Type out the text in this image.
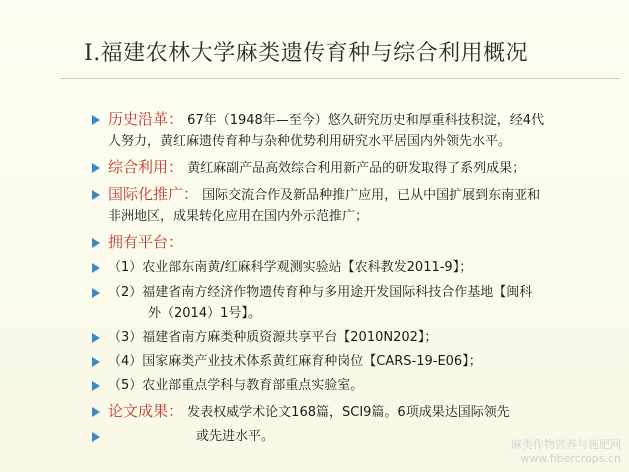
I.福建农林大学麻类遗传育种与综合利用概况
历史沿革： 67年（1948年—至今）悠久研究历史和厚重科技积淀，经4代
人努力，黄红麻遗传育种与杂种优势利用研究水平居国内外领先水平。
综合利用： 黄红麻副产品高效综合利用新产品的研发取得了系列成果；
国际化推广： 国际交流合作及新品种推广应用，已从中国扩展到东南亚和
非洲地区，成果转化应用在国内外示范推广；
拥有平台：
（1）农业部东南黄/红麻科学观测实验站【农科教发2011-9】；
（2）福建省南方经济作物遗传育种与多用途开发国际科技合作基地【闽科
外（2014）1号】。
（3）福建省南方麻类种质资源共享平台【2010N202】；
（4）国家麻类产业技术体系黄红麻育种岗位【CARS-19-E06】；
（5）农业部重点学科与教育部重点实验室。
论文成果： 发表权威学术论文168篇，SCI9篇。6项成果达国际领先
或先进水平。
麻类作物营养与施肥网
www.fibercrops.cn
